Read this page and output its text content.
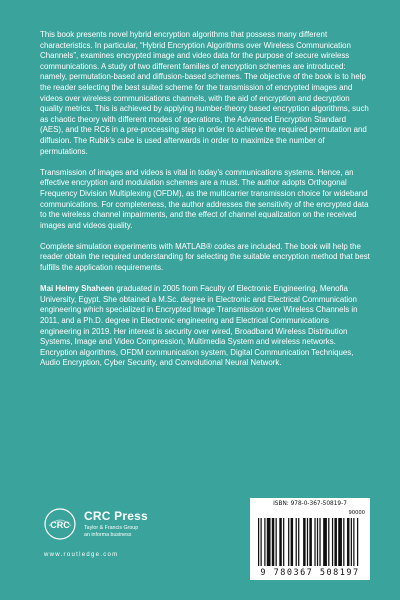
This book presents novel hybrid encryption algorithms that possess many different characteristics. In particular, “Hybrid Encryption Algorithms over Wireless Communication Channels”, examines encrypted image and video data for the purpose of secure wireless communications. A study of two different families of encryption schemes are introduced: namely, permutation-based and diffusion-based schemes. The objective of the book is to help the reader selecting the best suited scheme for the transmission of encrypted images and videos over wireless communications channels, with the aid of encryption and decryption quality metrics. This is achieved by applying number-theory based encryption algorithms, such as chaotic theory with different modes of operations, the Advanced Encryption Standard (AES), and the RC6 in a pre-processing step in order to achieve the required permutation and diffusion. The Rubik’s cube is used afterwards in order to maximize the number of permutations.

Transmission of images and videos is vital in today’s communications systems. Hence, an effective encryption and modulation schemes are a must. The author adopts Orthogonal Frequency Division Multiplexing (OFDM), as the multicarrier transmission choice for wideband communications. For completeness, the author addresses the sensitivity of the encrypted data to the wireless channel impairments, and the effect of channel equalization on the received images and videos quality.

Complete simulation experiments with MATLAB® codes are included. The book will help the reader obtain the required understanding for selecting the suitable encryption method that best fulfills the application requirements.

Mai Helmy Shaheen graduated in 2005 from Faculty of Electronic Engineering, Menofia University, Egypt. She obtained a M.Sc. degree in Electronic and Electrical Communication engineering which specialized in Encrypted Image Transmission over Wireless Channels in 2011, and a Ph.D. degree in Electronic engineering and Electrical Communications engineering in 2019. Her interest is security over wired, Broadband Wireless Distribution Systems, Image and Video Compression, Multimedia System and wireless networks. Encryption algorithms, OFDM communication system, Digital Communication Techniques, Audio Encryption, Cyber Security, and Convolutional Neural Network.

CRC
CRC Press
Taylor & Francis Group
an informa business
www.routledge.com
ISBN: 978-0-367-50819-7
90000
9 780367 508197
